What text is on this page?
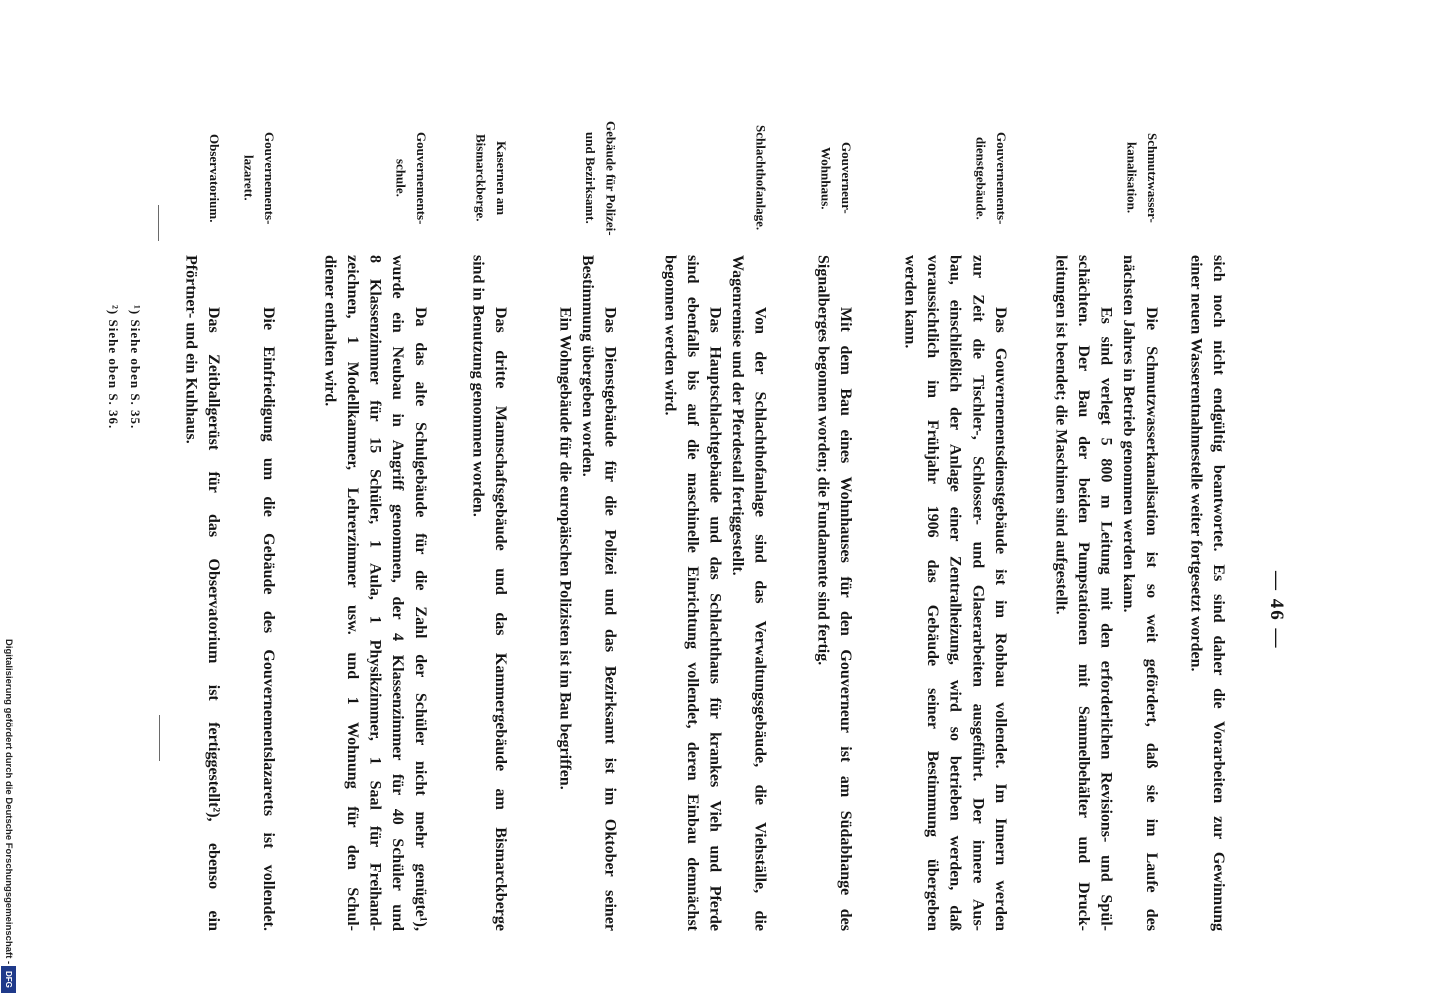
— 46 —
sich noch nicht endgültig beantwortet. Es sind daher die Vorarbeiten zur Gewinnung
einer neuen Wasserentnahmestelle weiter fortgesetzt worden.
Schmutzwasser-
kanalisation.
Die Schmutzwasserkanalisation ist so weit gefördert, daß sie im Laufe des
nächsten Jahres in Betrieb genommen werden kann.
Es sind verlegt 5 800 m Leitung mit den erforderlichen Revisions- und Spül-
schächten. Der Bau der beiden Pumpstationen mit Sammelbehälter und Druck-
leitungen ist beendet; die Maschinen sind aufgestellt.
Gouvernements-
dienstgebäude.
Das Gouvernementsdienstgebäude ist im Rohbau vollendet. Im Innern werden
zur Zeit die Tischler-, Schlosser- und Glaserarbeiten ausgeführt. Der innere Aus-
bau, einschließlich der Anlage einer Zentralheizung, wird so betrieben werden, daß
voraussichtlich im Frühjahr 1906 das Gebäude seiner Bestimmung übergeben
werden kann.
Gouverneur-
Wohnhaus.
Mit dem Bau eines Wohnhauses für den Gouverneur ist am Südabhange des
Signalberges begonnen worden; die Fundamente sind fertig.
Schlachthofanlage.
Von der Schlachthofanlage sind das Verwaltungsgebäude, die Viehställe, die
Wagenremise und der Pferdestall fertiggestellt.
Das Hauptschlachtgebäude und das Schlachthaus für krankes Vieh und Pferde
sind ebenfalls bis auf die maschinelle Einrichtung vollendet, deren Einbau demnächst
begonnen werden wird.
Gebäude für Polizei-
und Bezirksamt.
Das Dienstgebäude für die Polizei und das Bezirksamt ist im Oktober seiner
Bestimmung übergeben worden.
Ein Wohngebäude für die europäischen Polizisten ist im Bau begriffen.
Kasernen am
Bismarckberge.
Das dritte Mannschaftsgebäude und das Kammergebäude am Bismarckberge
sind in Benutzung genommen worden.
Gouvernements-
schule.
Da das alte Schulgebäude für die Zahl der Schüler nicht mehr genügte¹),
wurde ein Neubau in Angriff genommen, der 4 Klassenzimmer für 40 Schüler und
8 Klassenzimmer für 15 Schüler, 1 Aula, 1 Physikzimmer, 1 Saal für Freihand-
zeichnen, 1 Modellkammer, Lehrerzimmer usw. und 1 Wohnung für den Schul-
diener enthalten wird.
Gouvernements-
lazarett.
Die Einfriedigung um die Gebäude des Gouvernementslazaretts ist vollendet.
Observatorium.
Das Zeitballgerüst für das Observatorium ist fertiggestellt²), ebenso ein
Pförtner- und ein Kuhhaus.
¹) Siehe oben S. 35.
²) Siehe oben S. 36.
Digitalisierung gefördert durch die Deutsche Forschungsgemeinschaft -
DFG
